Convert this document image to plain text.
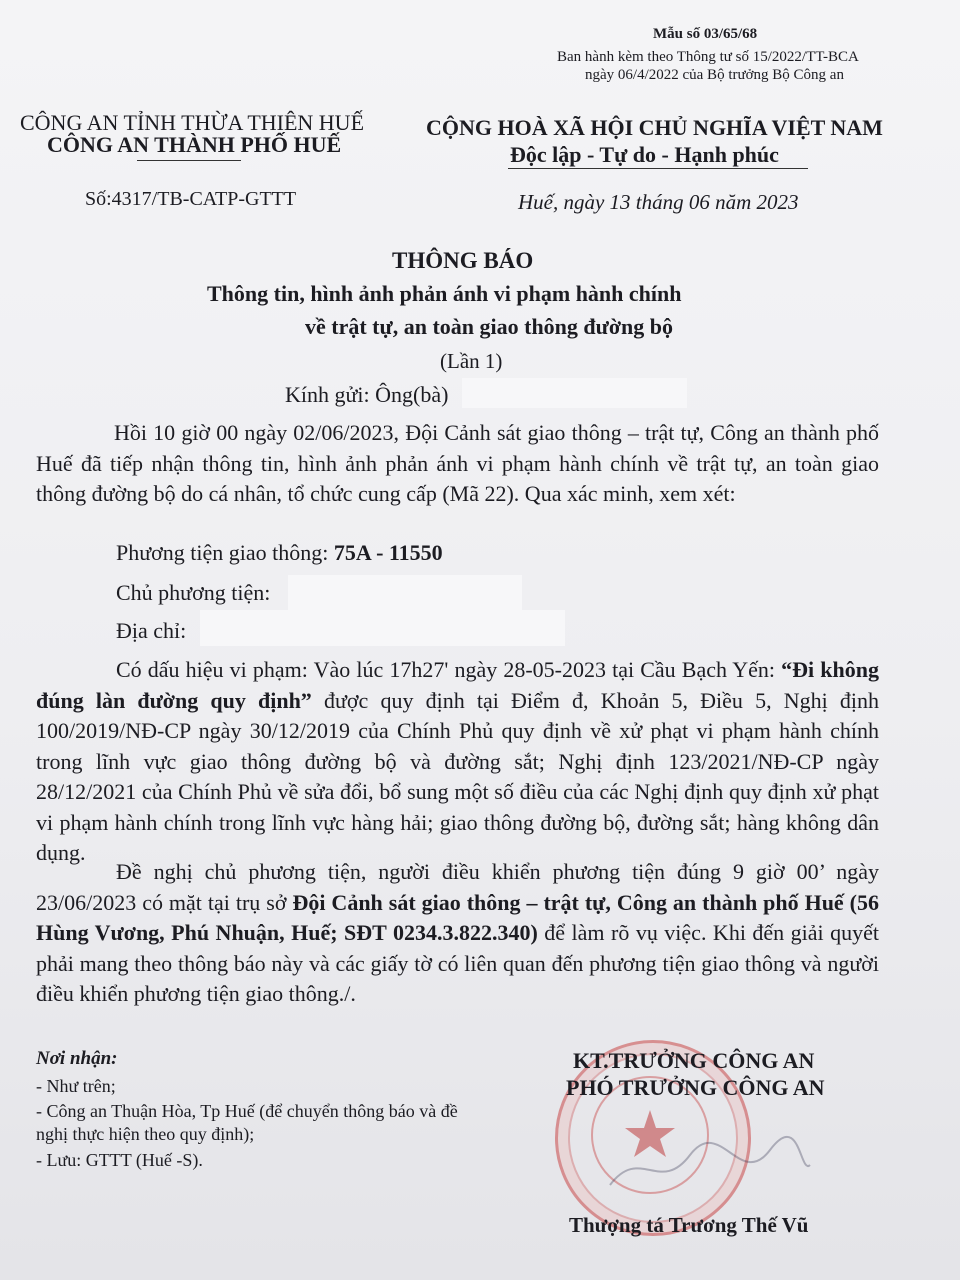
Mẫu số 03/65/68
Ban hành kèm theo Thông tư số 15/2022/TT-BCA
ngày 06/4/2022 của Bộ trưởng Bộ Công an
CÔNG AN TỈNH THỪA THIÊN HUẾ
CÔNG AN THÀNH PHỐ HUẾ
Số:4317/TB-CATP-GTTT
CỘNG HOÀ XÃ HỘI CHỦ NGHĨA VIỆT NAM
Độc lập - Tự do - Hạnh phúc
Huế, ngày 13 tháng 06 năm 2023
THÔNG BÁO
Thông tin, hình ảnh phản ánh vi phạm hành chính
về trật tự, an toàn giao thông đường bộ
(Lần 1)
Kính gửi: Ông(bà)
Hồi 10 giờ 00 ngày 02/06/2023, Đội Cảnh sát giao thông – trật tự, Công an thành phố Huế đã tiếp nhận thông tin, hình ảnh phản ánh vi phạm hành chính về trật tự, an toàn giao thông đường bộ do cá nhân, tổ chức cung cấp (Mã 22). Qua xác minh, xem xét:
Phương tiện giao thông: 75A - 11550
Chủ phương tiện:
Địa chỉ:
Có dấu hiệu vi phạm: Vào lúc 17h27' ngày 28-05-2023 tại Cầu Bạch Yến: “Đi không đúng làn đường quy định” được quy định tại Điểm đ, Khoản 5, Điều 5, Nghị định 100/2019/NĐ-CP ngày 30/12/2019 của Chính Phủ quy định về xử phạt vi phạm hành chính trong lĩnh vực giao thông đường bộ và đường sắt; Nghị định 123/2021/NĐ-CP ngày 28/12/2021 của Chính Phủ về sửa đổi, bổ sung một số điều của các Nghị định quy định xử phạt vi phạm hành chính trong lĩnh vực hàng hải; giao thông đường bộ, đường sắt; hàng không dân dụng.
Đề nghị chủ phương tiện, người điều khiển phương tiện đúng 9 giờ 00’ ngày 23/06/2023 có mặt tại trụ sở Đội Cảnh sát giao thông – trật tự, Công an thành phố Huế (56 Hùng Vương, Phú Nhuận, Huế; SĐT 0234.3.822.340) để làm rõ vụ việc. Khi đến giải quyết phải mang theo thông báo này và các giấy tờ có liên quan đến phương tiện giao thông và người điều khiển phương tiện giao thông./.
Nơi nhận:
- Như trên;
- Công an Thuận Hòa, Tp Huế (để chuyển thông báo và đề nghị thực hiện theo quy định);
- Lưu: GTTT (Huế -S).
KT.TRƯỞNG CÔNG AN
PHÓ TRƯỞNG CÔNG AN
Thượng tá Trương Thế Vũ
